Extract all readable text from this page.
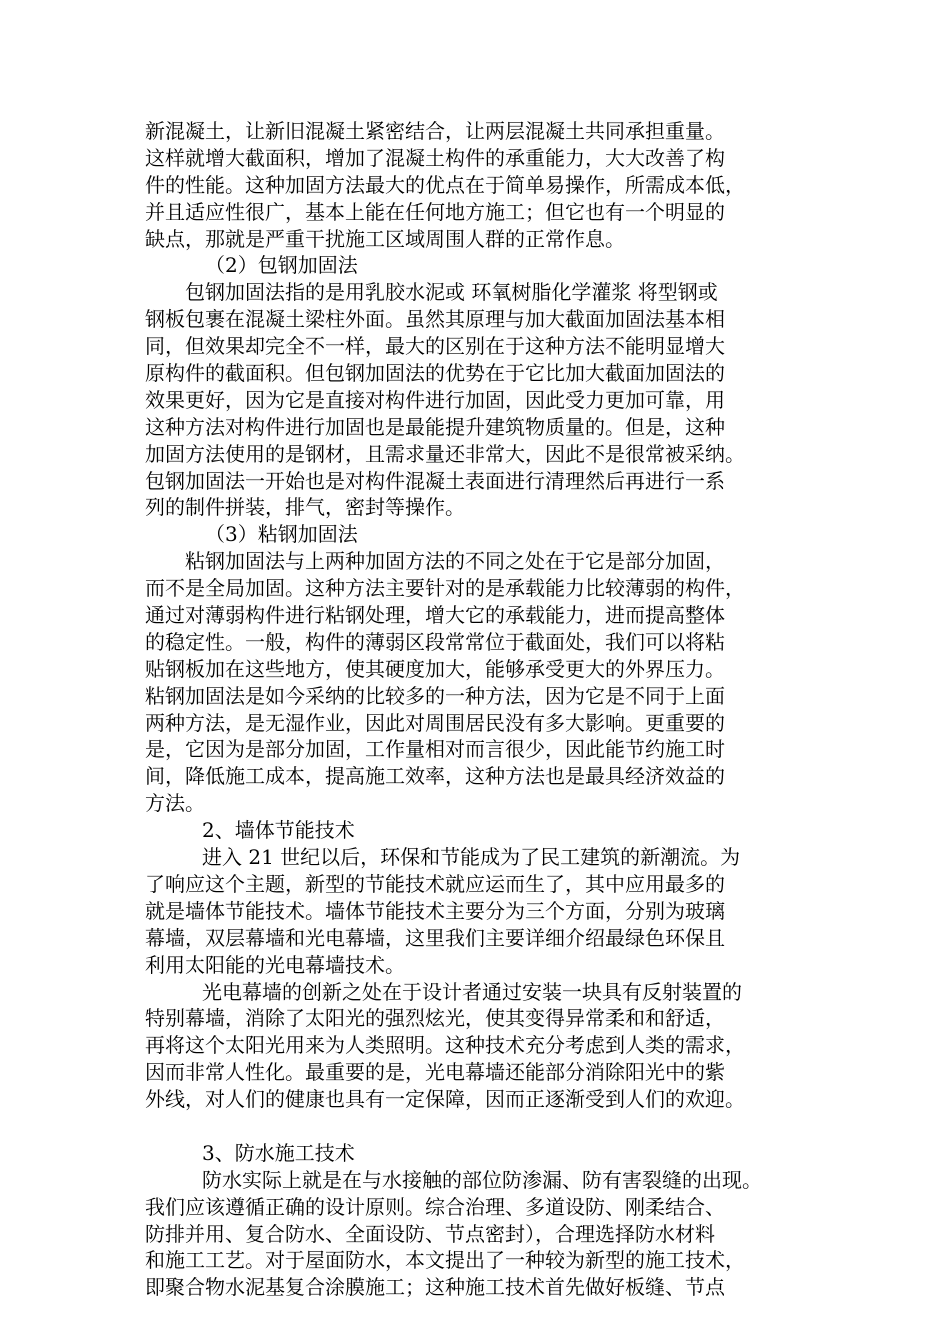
新混凝土，让新旧混凝土紧密结合，让两层混凝土共同承担重量。
这样就增大截面积，增加了混凝土构件的承重能力，大大改善了构
件的性能。这种加固方法最大的优点在于简单易操作，所需成本低，
并且适应性很广，基本上能在任何地方施工；但它也有一个明显的
缺点，那就是严重干扰施工区域周围人群的正常作息。
（2）包钢加固法
包钢加固法指的是用乳胶水泥或 环氧树脂化学灌浆 将型钢或
钢板包裹在混凝土梁柱外面。虽然其原理与加大截面加固法基本相
同，但效果却完全不一样，最大的区别在于这种方法不能明显增大
原构件的截面积。但包钢加固法的优势在于它比加大截面加固法的
效果更好，因为它是直接对构件进行加固，因此受力更加可靠，用
这种方法对构件进行加固也是最能提升建筑物质量的。但是，这种
加固方法使用的是钢材，且需求量还非常大，因此不是很常被采纳。
包钢加固法一开始也是对构件混凝土表面进行清理然后再进行一系
列的制件拼装，排气，密封等操作。
（3）粘钢加固法
粘钢加固法与上两种加固方法的不同之处在于它是部分加固，
而不是全局加固。这种方法主要针对的是承载能力比较薄弱的构件，
通过对薄弱构件进行粘钢处理，增大它的承载能力，进而提高整体
的稳定性。一般，构件的薄弱区段常常位于截面处，我们可以将粘
贴钢板加在这些地方，使其硬度加大，能够承受更大的外界压力。
粘钢加固法是如今采纳的比较多的一种方法，因为它是不同于上面
两种方法，是无湿作业，因此对周围居民没有多大影响。更重要的
是，它因为是部分加固，工作量相对而言很少，因此能节约施工时
间，降低施工成本，提高施工效率，这种方法也是最具经济效益的
方法。
2、墙体节能技术
进入 21 世纪以后，环保和节能成为了民工建筑的新潮流。为
了响应这个主题，新型的节能技术就应运而生了，其中应用最多的
就是墙体节能技术。墙体节能技术主要分为三个方面，分别为玻璃
幕墙，双层幕墙和光电幕墙，这里我们主要详细介绍最绿色环保且
利用太阳能的光电幕墙技术。
光电幕墙的创新之处在于设计者通过安装一块具有反射装置的
特别幕墙，消除了太阳光的强烈炫光，使其变得异常柔和和舒适，
再将这个太阳光用来为人类照明。这种技术充分考虑到人类的需求，
因而非常人性化。最重要的是，光电幕墙还能部分消除阳光中的紫
外线，对人们的健康也具有一定保障，因而正逐渐受到人们的欢迎。
3、防水施工技术
防水实际上就是在与水接触的部位防渗漏、防有害裂缝的出现。
我们应该遵循正确的设计原则。综合治理、多道设防、刚柔结合、
防排并用、复合防水、全面设防、节点密封），合理选择防水材料
和施工工艺。对于屋面防水，本文提出了一种较为新型的施工技术，
即聚合物水泥基复合涂膜施工；这种施工技术首先做好板缝、节点
